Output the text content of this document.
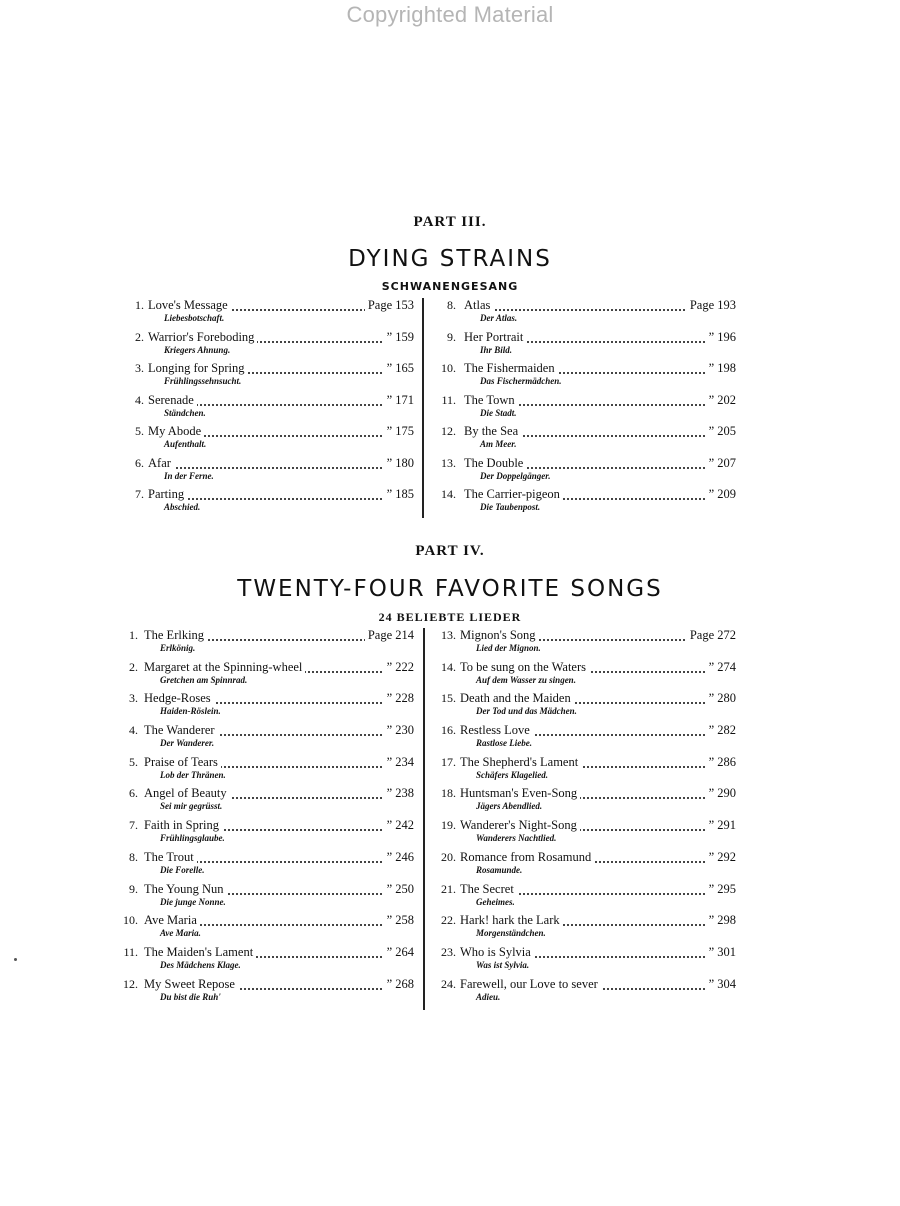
Copyrighted Material
PART III.
DYING STRAINS
SCHWANENGESANG
1. Love's Message
Liebesbotschaft.
Page 153
2. Warrior's Foreboding
Kriegers Ahnung.
” 159
3. Longing for Spring
Frühlingssehnsucht.
” 165
4. Serenade
Ständchen.
” 171
5. My Abode
Aufenthalt.
” 175
6. Afar
In der Ferne.
” 180
7. Parting
Abschied.
” 185
8. Atlas
Der Atlas.
Page 193
9. Her Portrait
Ihr Bild.
” 196
10. The Fishermaiden
Das Fischermädchen.
” 198
11. The Town
Die Stadt.
” 202
12. By the Sea
Am Meer.
” 205
13. The Double
Der Doppelgänger.
” 207
14. The Carrier-pigeon
Die Taubenpost.
” 209
PART IV.
TWENTY-FOUR FAVORITE SONGS
24 BELIEBTE LIEDER
1. The Erlking
Erlkönig.
Page 214
2. Margaret at the Spinning-wheel
Gretchen am Spinnrad.
” 222
3. Hedge-Roses
Haiden-Röslein.
” 228
4. The Wanderer
Der Wanderer.
” 230
5. Praise of Tears
Lob der Thränen.
” 234
6. Angel of Beauty
Sei mir gegrüsst.
” 238
7. Faith in Spring
Frühlingsglaube.
” 242
8. The Trout
Die Forelle.
” 246
9. The Young Nun
Die junge Nonne.
” 250
10. Ave Maria
Ave Maria.
” 258
11. The Maiden's Lament
Des Mädchens Klage.
” 264
12. My Sweet Repose
Du bist die Ruh'
” 268
13. Mignon's Song
Lied der Mignon.
Page 272
14. To be sung on the Waters
Auf dem Wasser zu singen.
” 274
15. Death and the Maiden
Der Tod und das Mädchen.
” 280
16. Restless Love
Rastlose Liebe.
” 282
17. The Shepherd's Lament
Schäfers Klagelied.
” 286
18. Huntsman's Even-Song
Jägers Abendlied.
” 290
19. Wanderer's Night-Song
Wanderers Nachtlied.
” 291
20. Romance from Rosamund
Rosamunde.
” 292
21. The Secret
Geheimes.
” 295
22. Hark! hark the Lark
Morgenständchen.
” 298
23. Who is Sylvia
Was ist Sylvia.
” 301
24. Farewell, our Love to sever
Adieu.
” 304
